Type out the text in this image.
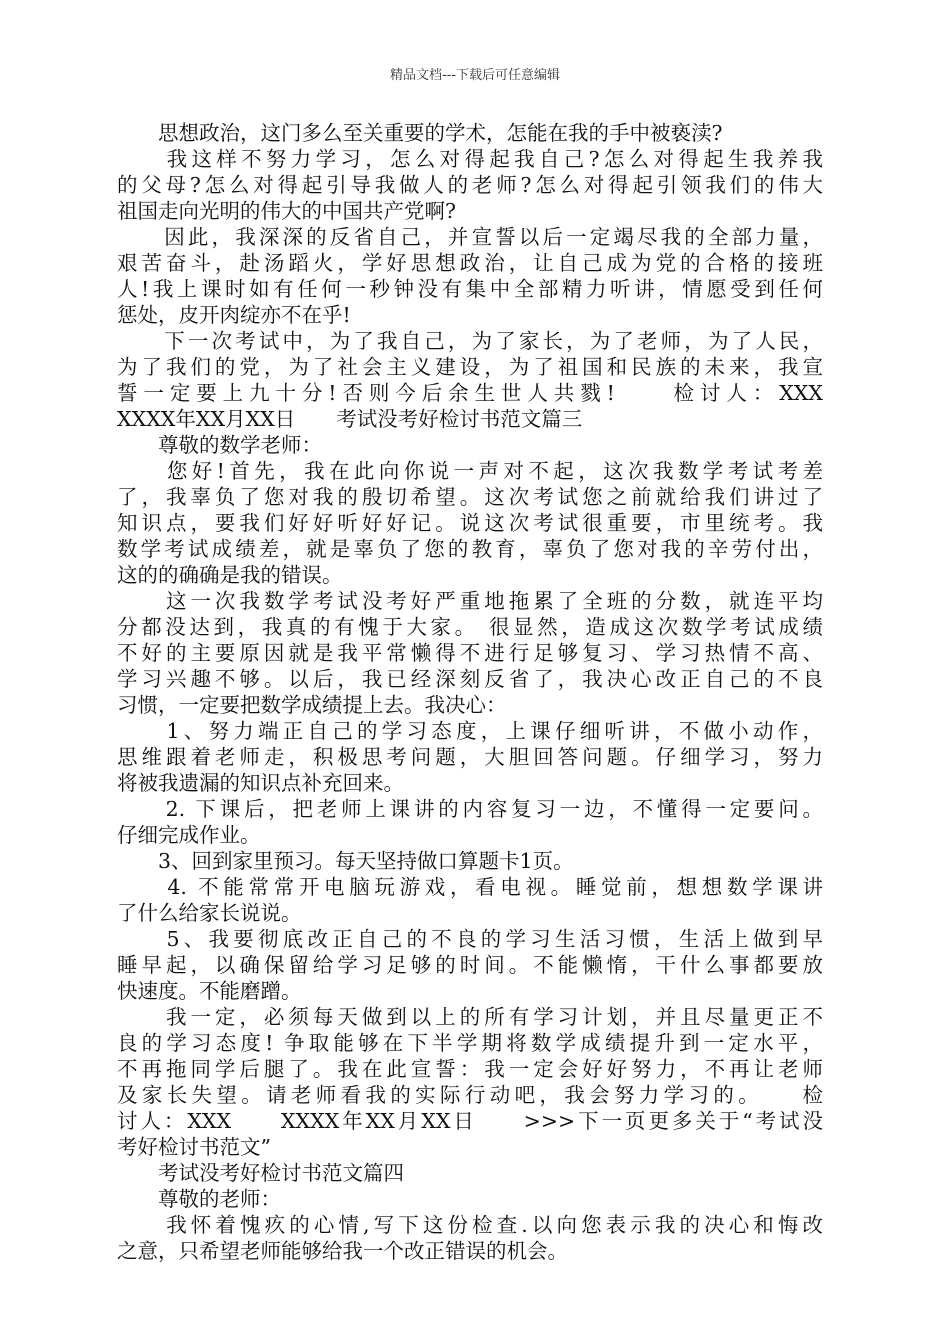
精品文档---下载后可任意编辑
　　思想政治，这门多么至关重要的学术，怎能在我的手中被亵渎?
　　我这样不努力学习，怎么对得起我自己?怎么对得起生我养我
的父母?怎么对得起引导我做人的老师?怎么对得起引领我们的伟大
祖国走向光明的伟大的中国共产党啊?
　　因此，我深深的反省自己，并宣誓以后一定竭尽我的全部力量，
艰苦奋斗，赴汤蹈火，学好思想政治，让自己成为党的合格的接班
人!我上课时如有任何一秒钟没有集中全部精力听讲，情愿受到任何
惩处，皮开肉绽亦不在乎!
　　下一次考试中，为了我自己，为了家长，为了老师，为了人民，
为了我们的党，为了社会主义建设，为了祖国和民族的未来，我宣
誓一定要上九十分!否则今后余生世人共戮!　　检讨人：XXX
XXXX年XX月XX日　　考试没考好检讨书范文篇三
　　尊敬的数学老师：
　　您好!首先，我在此向你说一声对不起，这次我数学考试考差
了，我辜负了您对我的殷切希望。这次考试您之前就给我们讲过了
知识点，要我们好好听好好记。说这次考试很重要，市里统考。我
数学考试成绩差，就是辜负了您的教育，辜负了您对我的辛劳付出，
这的的确确是我的错误。
　　这一次我数学考试没考好严重地拖累了全班的分数，就连平均
分都没达到，我真的有愧于大家。 很显然，造成这次数学考试成绩
不好的主要原因就是我平常懒得不进行足够复习、学习热情不高、
学习兴趣不够。以后，我已经深刻反省了，我决心改正自己的不良
习惯，一定要把数学成绩提上去。我决心：
　　1、努力端正自己的学习态度，上课仔细听讲，不做小动作，
思维跟着老师走，积极思考问题，大胆回答问题。仔细学习，努力
将被我遗漏的知识点补充回来。
　　2. 下课后，把老师上课讲的内容复习一边，不懂得一定要问。
仔细完成作业。
　　3、回到家里预习。每天坚持做口算题卡1页。
　　4. 不能常常开电脑玩游戏，看电视。睡觉前，想想数学课讲
了什么给家长说说。
　　5、我要彻底改正自己的不良的学习生活习惯，生活上做到早
睡早起，以确保留给学习足够的时间。不能懒惰，干什么事都要放
快速度。不能磨蹭。
　　我一定，必须每天做到以上的所有学习计划，并且尽量更正不
良的学习态度! 争取能够在下半学期将数学成绩提升到一定水平，
不再拖同学后腿了。我在此宣誓：我一定会好好努力，不再让老师
及家长失望。请老师看我的实际行动吧，我会努力学习的。　　检
讨人：XXX　　XXXX年XX月XX日　　>>>下一页更多关于“考试没
考好检讨书范文”
　　考试没考好检讨书范文篇四
　　尊敬的老师：
　　我怀着愧疚的心情,写下这份检查.以向您表示我的决心和悔改
之意，只希望老师能够给我一个改正错误的机会。
